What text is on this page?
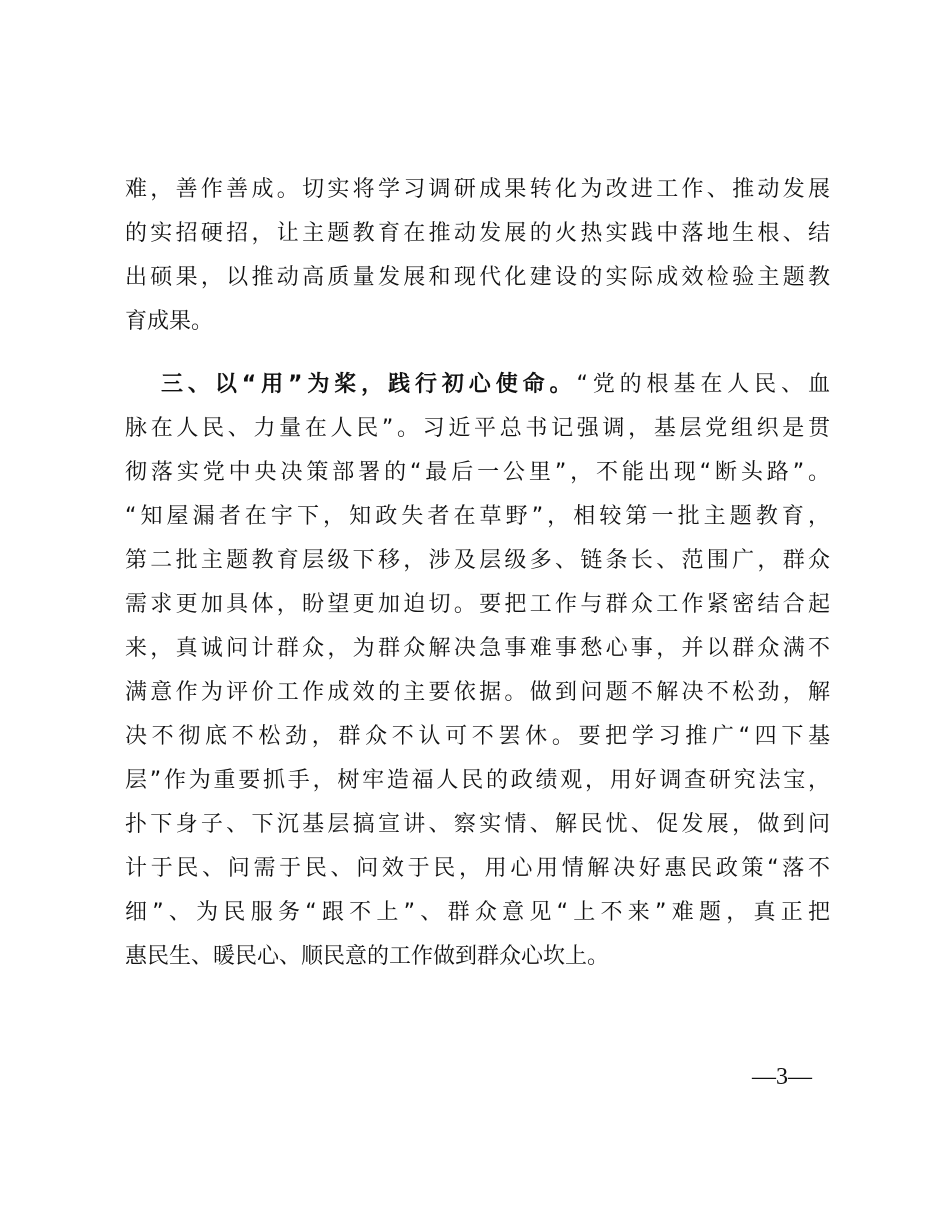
难，善作善成。切实将学习调研成果转化为改进工作、推动发展
的实招硬招，让主题教育在推动发展的火热实践中落地生根、结
出硕果，以推动高质量发展和现代化建设的实际成效检验主题教
育成果。
三、以“用”为桨，践行初心使命。“党的根基在人民、血
脉在人民、力量在人民”。习近平总书记强调，基层党组织是贯
彻落实党中央决策部署的“最后一公里”，不能出现“断头路”。
“知屋漏者在宇下，知政失者在草野”，相较第一批主题教育，
第二批主题教育层级下移，涉及层级多、链条长、范围广，群众
需求更加具体，盼望更加迫切。要把工作与群众工作紧密结合起
来，真诚问计群众，为群众解决急事难事愁心事，并以群众满不
满意作为评价工作成效的主要依据。做到问题不解决不松劲，解
决不彻底不松劲，群众不认可不罢休。要把学习推广“四下基
层”作为重要抓手，树牢造福人民的政绩观，用好调查研究法宝，
扑下身子、下沉基层搞宣讲、察实情、解民忧、促发展，做到问
计于民、问需于民、问效于民，用心用情解决好惠民政策“落不
细”、为民服务“跟不上”、群众意见“上不来”难题，真正把
惠民生、暖民心、顺民意的工作做到群众心坎上。
—3—
